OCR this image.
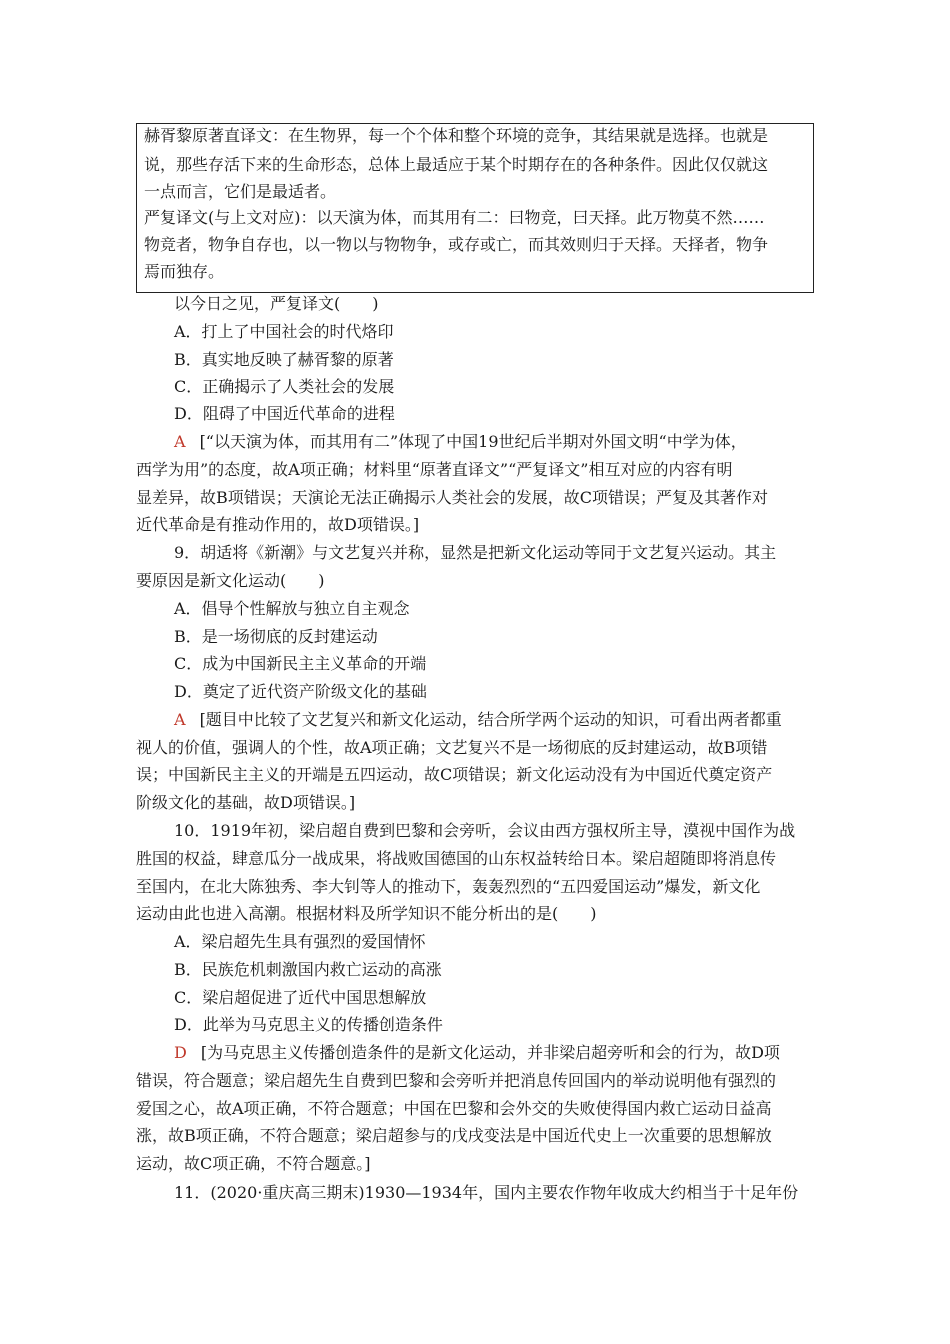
赫胥黎原著直译文：在生物界，每一个个体和整个环境的竞争，其结果就是选择。也就是
说，那些存活下来的生命形态，总体上最适应于某个时期存在的各种条件。因此仅仅就这
一点而言，它们是最适者。
严复译文(与上文对应)：以天演为体，而其用有二：曰物竞，曰天择。此万物莫不然……
物竞者，物争自存也，以一物以与物物争，或存或亡，而其效则归于天择。天择者，物争
焉而独存。
以今日之见，严复译文(　　)
A．打上了中国社会的时代烙印
B．真实地反映了赫胥黎的原著
C．正确揭示了人类社会的发展
D．阻碍了中国近代革命的进程
A [“以天演为体，而其用有二”体现了中国19世纪后半期对外国文明“中学为体，
西学为用”的态度，故A项正确；材料里“原著直译文”“严复译文”相互对应的内容有明
显差异，故B项错误；天演论无法正确揭示人类社会的发展，故C项错误；严复及其著作对
近代革命是有推动作用的，故D项错误。]
9．胡适将《新潮》与文艺复兴并称，显然是把新文化运动等同于文艺复兴运动。其主
要原因是新文化运动(　　)
A．倡导个性解放与独立自主观念
B．是一场彻底的反封建运动
C．成为中国新民主主义革命的开端
D．奠定了近代资产阶级文化的基础
A [题目中比较了文艺复兴和新文化运动，结合所学两个运动的知识，可看出两者都重
视人的价值，强调人的个性，故A项正确；文艺复兴不是一场彻底的反封建运动，故B项错
误；中国新民主主义的开端是五四运动，故C项错误；新文化运动没有为中国近代奠定资产
阶级文化的基础，故D项错误。]
10．1919年初，梁启超自费到巴黎和会旁听，会议由西方强权所主导，漠视中国作为战
胜国的权益，肆意瓜分一战成果，将战败国德国的山东权益转给日本。梁启超随即将消息传
至国内，在北大陈独秀、李大钊等人的推动下，轰轰烈烈的“五四爱国运动”爆发，新文化
运动由此也进入高潮。根据材料及所学知识不能分析出的是(　　)
A．梁启超先生具有强烈的爱国情怀
B．民族危机刺激国内救亡运动的高涨
C．梁启超促进了近代中国思想解放
D．此举为马克思主义的传播创造条件
D [为马克思主义传播创造条件的是新文化运动，并非梁启超旁听和会的行为，故D项
错误，符合题意；梁启超先生自费到巴黎和会旁听并把消息传回国内的举动说明他有强烈的
爱国之心，故A项正确，不符合题意；中国在巴黎和会外交的失败使得国内救亡运动日益高
涨，故B项正确，不符合题意；梁启超参与的戊戌变法是中国近代史上一次重要的思想解放
运动，故C项正确，不符合题意。]
11．(2020·重庆高三期末)1930—1934年，国内主要农作物年收成大约相当于十足年份
